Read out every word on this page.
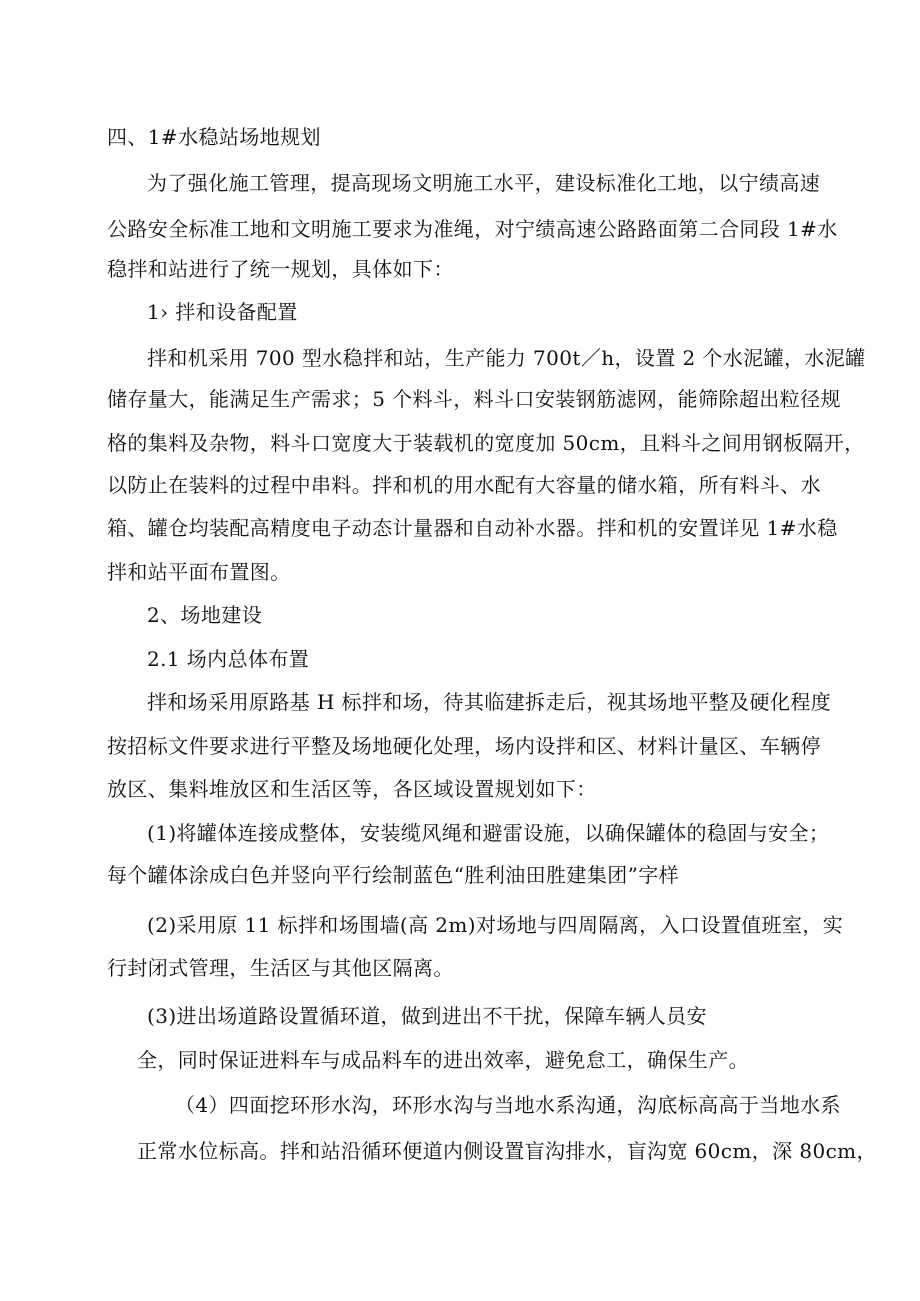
四、1#水稳站场地规划
为了强化施工管理，提高现场文明施工水平，建设标准化工地，以宁绩高速
公路安全标准工地和文明施工要求为准绳，对宁绩高速公路路面第二合同段 1#水
稳拌和站进行了统一规划，具体如下：
1› 拌和设备配置
拌和机采用 700 型水稳拌和站，生产能力 700t／h，设置 2 个水泥罐，水泥罐
储存量大，能满足生产需求；5 个料斗，料斗口安装钢筋滤网，能筛除超出粒径规
格的集料及杂物，料斗口宽度大于装载机的宽度加 50cm，且料斗之间用钢板隔开，
以防止在装料的过程中串料。拌和机的用水配有大容量的储水箱，所有料斗、水
箱、罐仓均装配高精度电子动态计量器和自动补水器。拌和机的安置详见 1#水稳
拌和站平面布置图。
2、场地建设
2.1 场内总体布置
拌和场采用原路基 H 标拌和场，待其临建拆走后，视其场地平整及硬化程度
按招标文件要求进行平整及场地硬化处理，场内设拌和区、材料计量区、车辆停
放区、集料堆放区和生活区等，各区域设置规划如下：
(1)将罐体连接成整体，安装缆风绳和避雷设施，以确保罐体的稳固与安全；
每个罐体涂成白色并竖向平行绘制蓝色“胜利油田胜建集团”字样
(2)采用原 11 标拌和场围墙(高 2m)对场地与四周隔离，入口设置值班室，实
行封闭式管理，生活区与其他区隔离。
(3)进出场道路设置循环道，做到进出不干扰，保障车辆人员安
全，同时保证进料车与成品料车的进出效率，避免怠工，确保生产。
（4）四面挖环形水沟，环形水沟与当地水系沟通，沟底标高高于当地水系
正常水位标高。拌和站沿循环便道内侧设置盲沟排水，盲沟宽 60cm，深 80cm，
